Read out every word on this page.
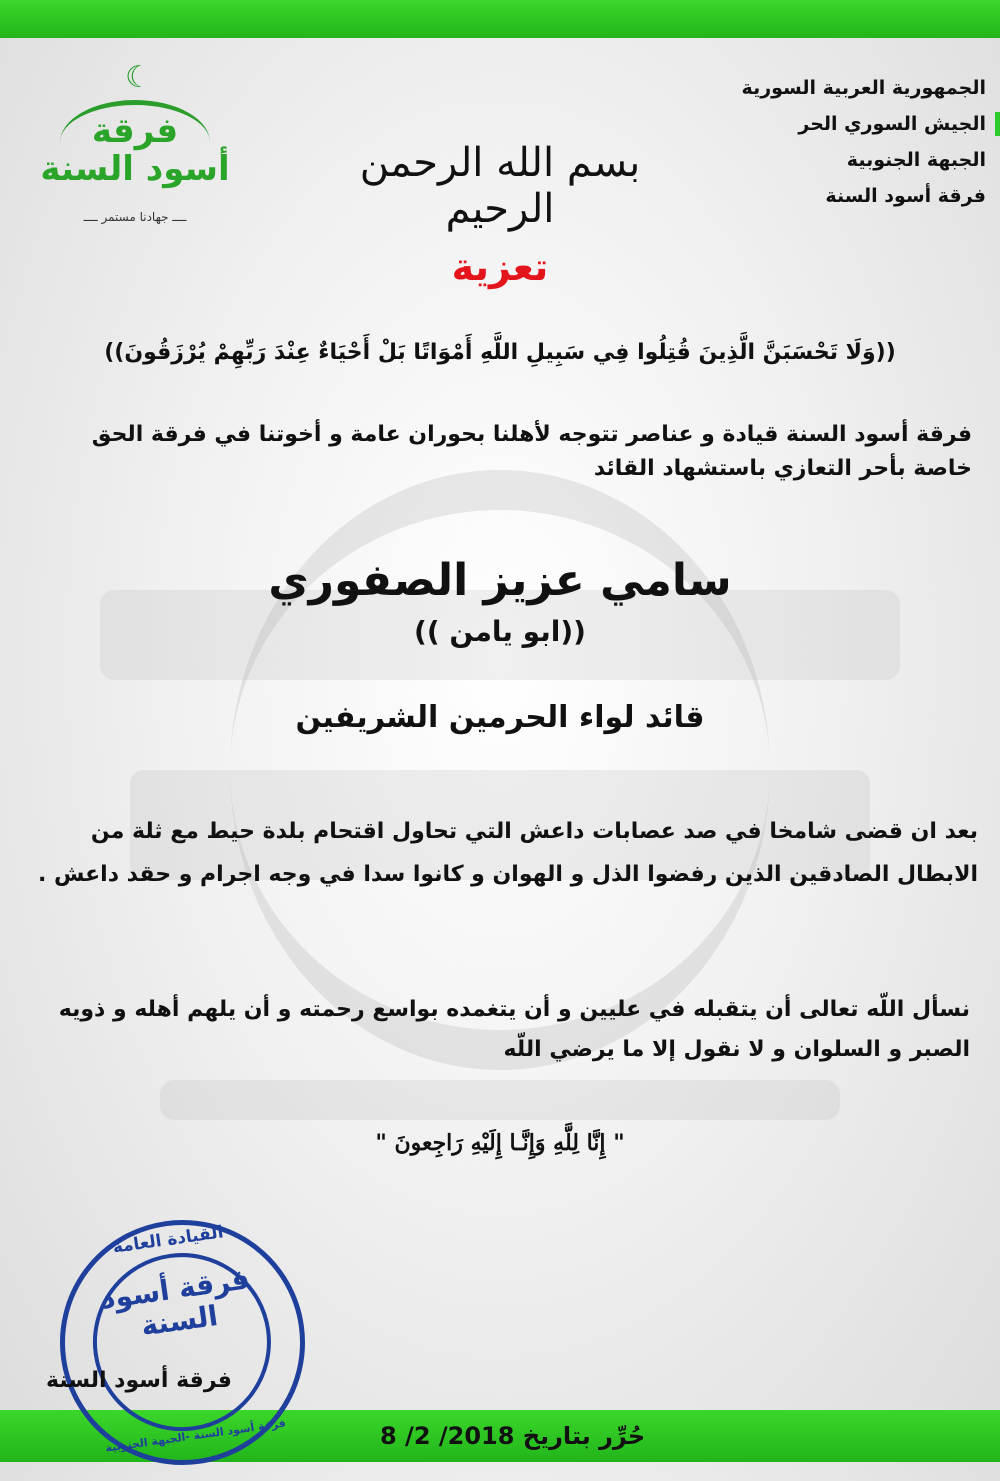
الجمهورية العربية السورية
الجيش السوري الحر
الجبهة الجنوبية
فرقة أسود السنة
☾
فرقة
أسود السنة
ــــ جهادنا مستمر ــــ
بسم الله الرحمن الرحيم
تعزية
((وَلَا تَحْسَبَنَّ الَّذِينَ قُتِلُوا فِي سَبِيلِ اللَّهِ أَمْوَاتًا بَلْ أَحْيَاءٌ عِنْدَ رَبِّهِمْ يُرْزَقُونَ))
فرقة أسود السنة قيادة و عناصر تتوجه لأهلنا بحوران عامة و أخوتنا في فرقة الحق خاصة بأحر التعازي باستشهاد القائد
سامي عزيز الصفوري
((ابو يامن ))
قائد لواء الحرمين الشريفين
بعد ان قضى شامخا في صد عصابات داعش التي تحاول اقتحام بلدة حيط مع ثلة من الابطال الصادقين الذين رفضوا الذل و الهوان و كانوا سدا في وجه اجرام و حقد داعش .
نسأل اللّه تعالى أن يتقبله في عليين و أن يتغمده بواسع رحمته و أن يلهم أهله و ذويه الصبر و السلوان و لا نقول إلا ما يرضي اللّه
" إِنَّا لِلَّهِ وَإِنَّـا إِلَيْهِ رَاجِعونَ "
حُرِّر بتاريخ 2018/ 2/ 8
القيادة العامة
فرقة أسود السنة
فرقة أسود السنة -الجبهة الجنوبية
فرقة أسود السنة
